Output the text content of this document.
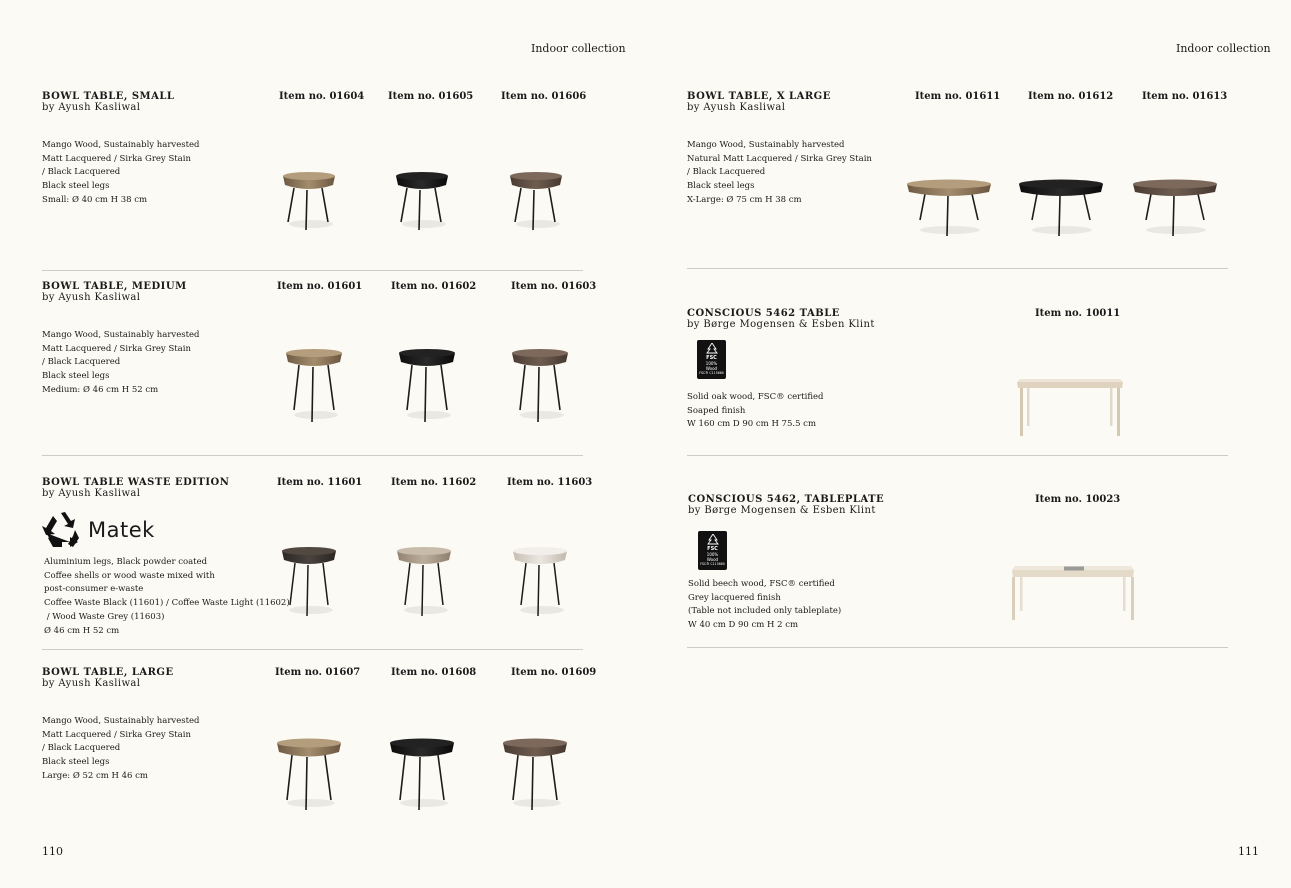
Indoor collection	Indoor collection
110	111
BOWL TABLE, SMALL
by Ayush Kasliwal
Item no. 01604 Item no. 01605	Item no. 01606
Mango Wood, Sustainably harvested
Matt Lacquered / Sirka Grey Stain
/ Black Lacquered
Black steel legs
Small: Ø 40 cm H 38 cm
BOWL TABLE, MEDIUM
by Ayush Kasliwal
Item no. 01601	Item no. 01602	Item no. 01603
Mango Wood, Sustainably harvested
Matt Lacquered / Sirka Grey Stain
/ Black Lacquered
Black steel legs
Medium: Ø 46 cm H 52 cm
BOWL TABLE WASTE EDITION
by Ayush Kasliwal
Item no. 11601	Item no. 11602	Item no. 11603
Matek
Aluminium legs, Black powder coated
Coffee shells or wood waste mixed with
post-consumer e-waste
Coffee Waste Black (11601) / Coffee Waste Light (11602)
/ Wood Waste Grey (11603)
Ø 46 cm H 52 cm
BOWL TABLE, LARGE
by Ayush Kasliwal
Item no. 01607	Item no. 01608	Item no. 01609
Mango Wood, Sustainably harvested
Matt Lacquered / Sirka Grey Stain
/ Black Lacquered
Black steel legs
Large: Ø 52 cm H 46 cm
BOWL TABLE, X LARGE
by Ayush Kasliwal
Item no. 01611	Item no. 01612	Item no. 01613
Mango Wood, Sustainably harvested
Natural Matt Lacquered / Sirka Grey Stain
/ Black Lacquered
Black steel legs
X-Large: Ø 75 cm H 38 cm
CONSCIOUS 5462 TABLE
by Børge Mogensen & Esben Klint
Item no. 10011
FSC
100%
Wood
FSC® C115660
Solid oak wood, FSC® certified
Soaped finish
W 160 cm D 90 cm H 75.5 cm
CONSCIOUS 5462, TABLEPLATE
by Børge Mogensen & Esben Klint
Item no. 10023
FSC
100%
Wood
FSC® C115660
Solid beech wood, FSC® certified
Grey lacquered finish
(Table not included only tableplate)
W 40 cm D 90 cm H 2 cm
